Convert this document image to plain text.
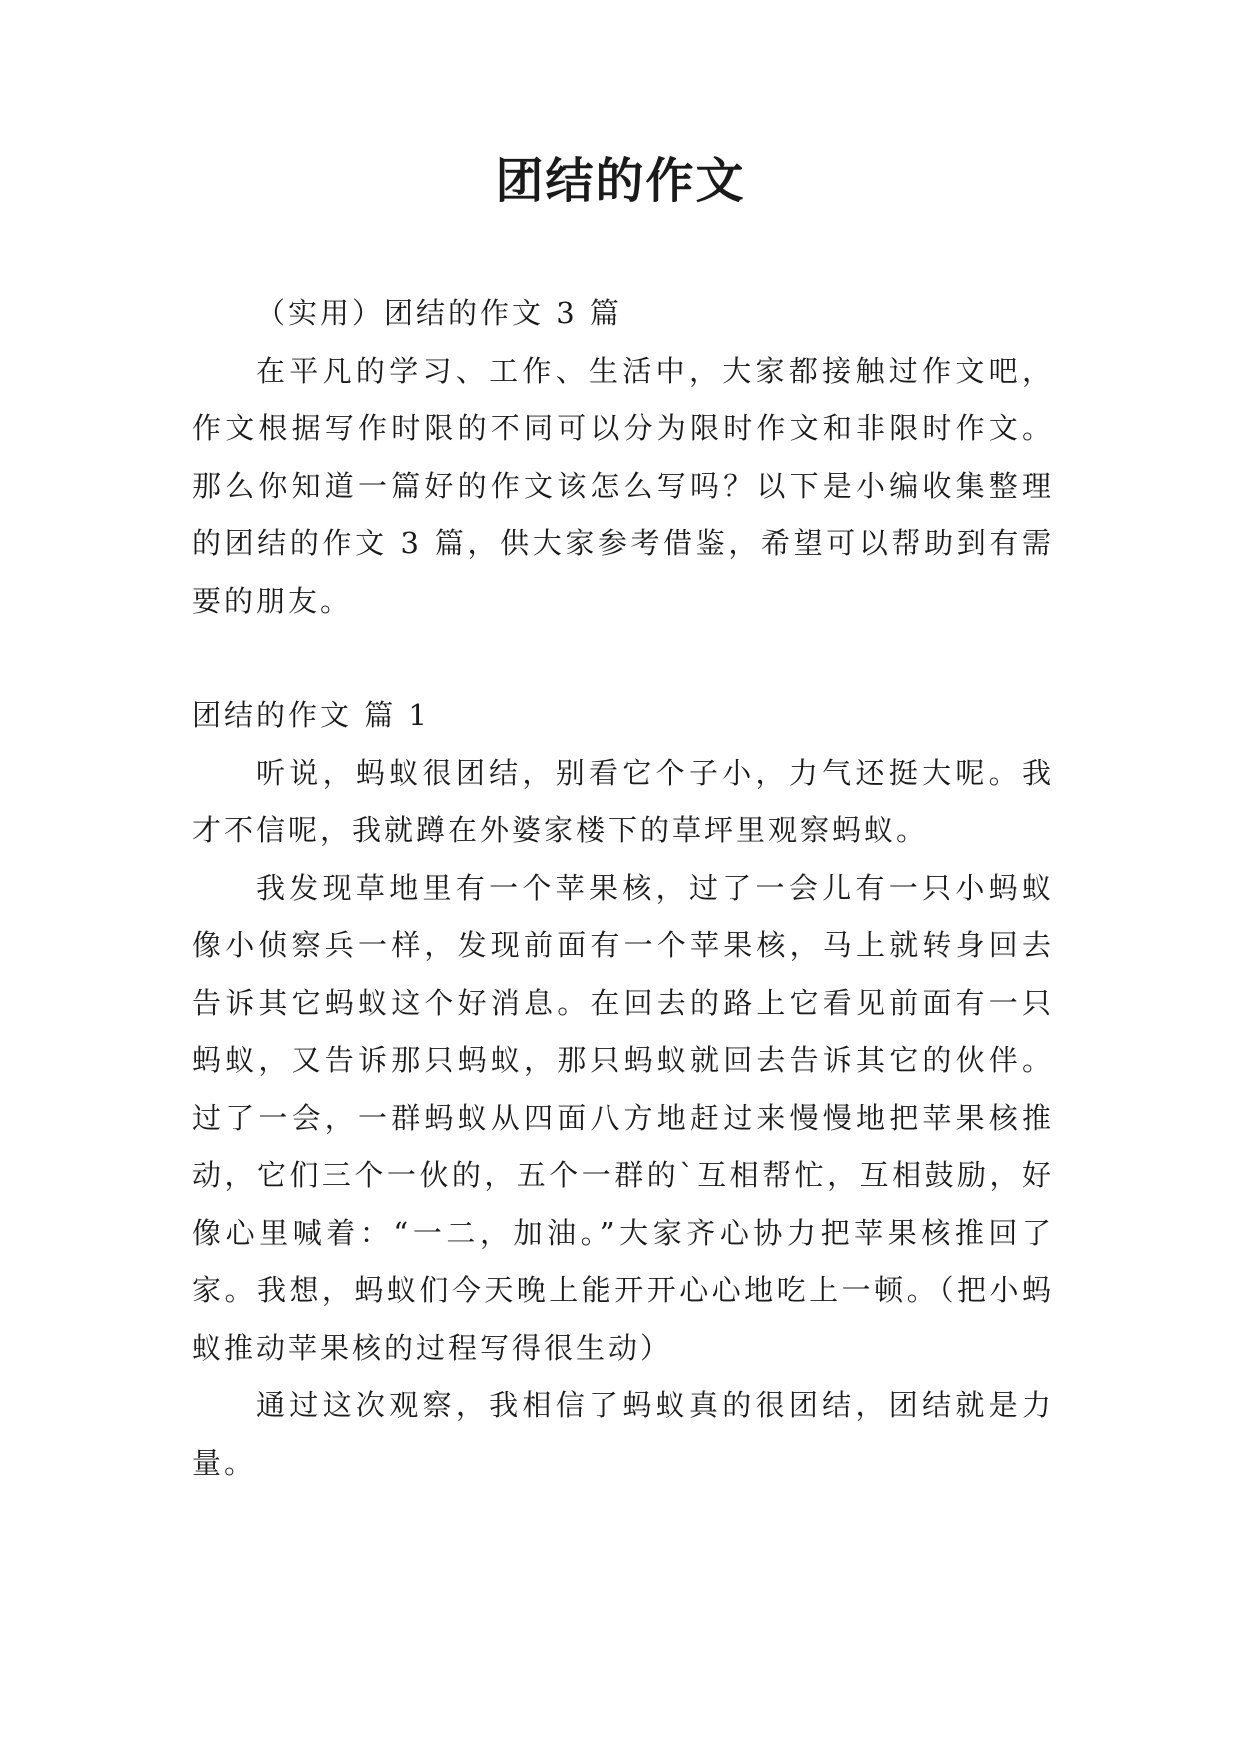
团结的作文

（实用）团结的作文 3 篇

在平凡的学习、工作、生活中，大家都接触过作文吧，作文根据写作时限的不同可以分为限时作文和非限时作文。那么你知道一篇好的作文该怎么写吗？以下是小编收集整理的团结的作文 3 篇，供大家参考借鉴，希望可以帮助到有需要的朋友。

团结的作文 篇 1

听说，蚂蚁很团结，别看它个子小，力气还挺大呢。我才不信呢，我就蹲在外婆家楼下的草坪里观察蚂蚁。

我发现草地里有一个苹果核，过了一会儿有一只小蚂蚁像小侦察兵一样，发现前面有一个苹果核，马上就转身回去告诉其它蚂蚁这个好消息。在回去的路上它看见前面有一只蚂蚁，又告诉那只蚂蚁，那只蚂蚁就回去告诉其它的伙伴。过了一会，一群蚂蚁从四面八方地赶过来慢慢地把苹果核推动，它们三个一伙的，五个一群的`互相帮忙，互相鼓励，好像心里喊着：“一二，加油。”大家齐心协力把苹果核推回了家。我想，蚂蚁们今天晚上能开开心心地吃上一顿。（把小蚂蚁推动苹果核的过程写得很生动）

通过这次观察，我相信了蚂蚁真的很团结，团结就是力量。
